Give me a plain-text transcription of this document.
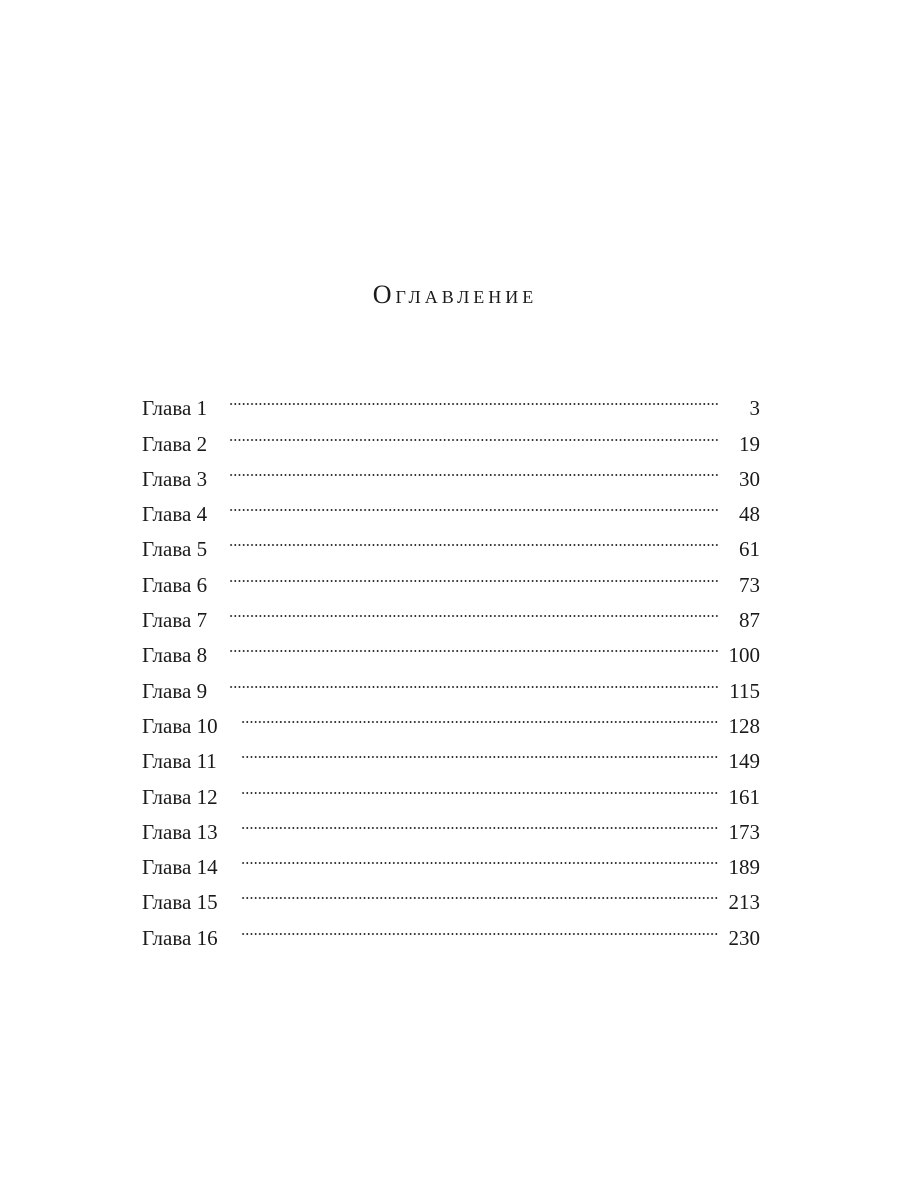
Оглавление
Глава 1	3
Глава 2	19
Глава 3	30
Глава 4	48
Глава 5	61
Глава 6	73
Глава 7	87
Глава 8	100
Глава 9	115
Глава 10	128
Глава 11	149
Глава 12	161
Глава 13	173
Глава 14	189
Глава 15	213
Глава 16	230
